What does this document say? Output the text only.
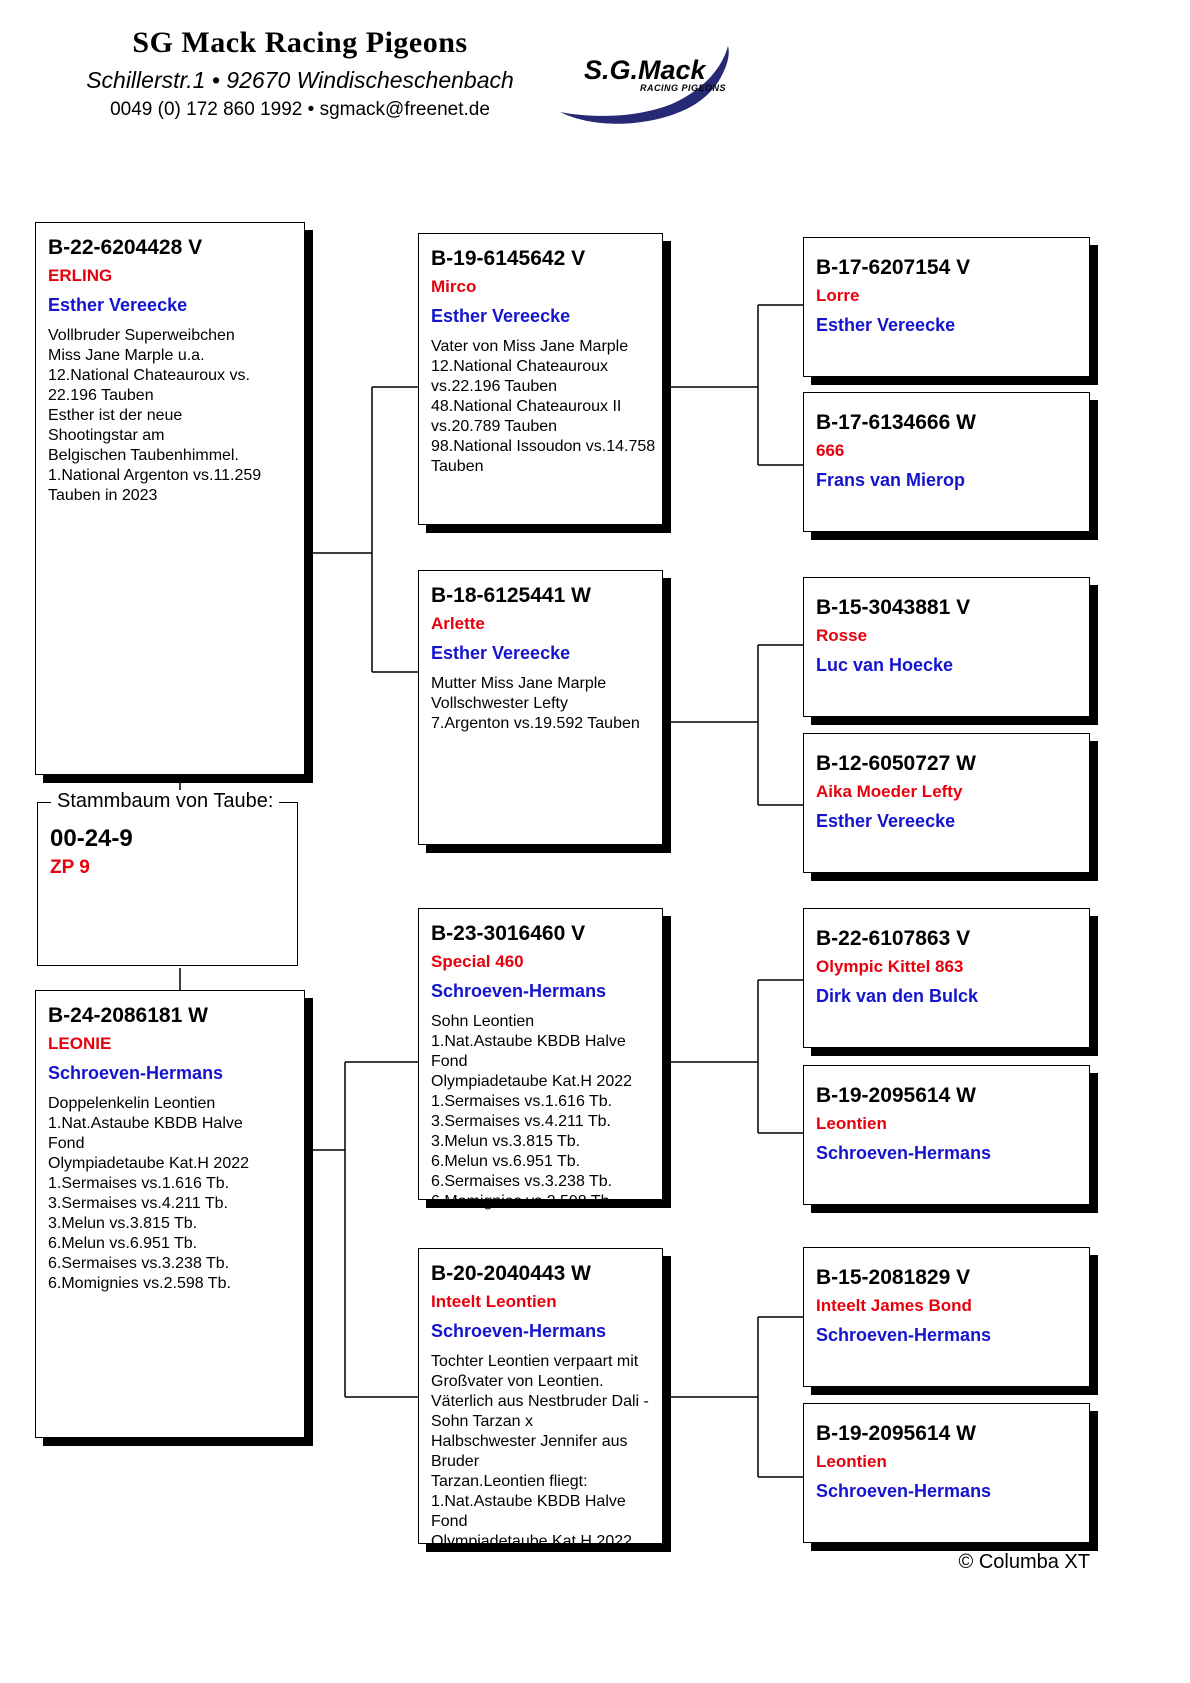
SG Mack Racing Pigeons
Schillerstr.1 • 92670 Windischeschenbach
0049 (0) 172 860 1992 • sgmack@freenet.de
S.G.Mack
RACING PIGEONS
Stammbaum von Taube:
00-24-9
ZP 9
B-22-6204428 V
ERLING
Esther Vereecke
Vollbruder Superweibchen
Miss Jane Marple u.a.
12.National Chateauroux vs.
22.196 Tauben
Esther ist der neue
Shootingstar am
Belgischen Taubenhimmel.
1.National Argenton vs.11.259
Tauben in 2023
B-24-2086181 W
LEONIE
Schroeven-Hermans
Doppelenkelin Leontien
1.Nat.Astaube KBDB Halve
Fond
Olympiadetaube Kat.H 2022
1.Sermaises vs.1.616 Tb.
3.Sermaises vs.4.211 Tb.
3.Melun vs.3.815 Tb.
6.Melun vs.6.951 Tb.
6.Sermaises vs.3.238 Tb.
6.Momignies vs.2.598 Tb.
B-19-6145642 V
Mirco
Esther Vereecke
Vater von Miss Jane Marple
12.National Chateauroux
vs.22.196 Tauben
48.National Chateauroux II
vs.20.789 Tauben
98.National Issoudon vs.14.758
Tauben
B-18-6125441 W
Arlette
Esther Vereecke
Mutter Miss Jane Marple
Vollschwester Lefty
7.Argenton vs.19.592 Tauben
B-23-3016460 V
Special 460
Schroeven-Hermans
Sohn Leontien
1.Nat.Astaube KBDB Halve
Fond
Olympiadetaube Kat.H 2022
1.Sermaises vs.1.616 Tb.
3.Sermaises vs.4.211 Tb.
3.Melun vs.3.815 Tb.
6.Melun vs.6.951 Tb.
6.Sermaises vs.3.238 Tb.
6.Momignies vs.2.598 Tb.
B-20-2040443 W
Inteelt Leontien
Schroeven-Hermans
Tochter Leontien verpaart mit
Großvater von Leontien.
Väterlich aus Nestbruder Dali -
Sohn Tarzan x
Halbschwester Jennifer aus
Bruder
Tarzan.Leontien fliegt:
1.Nat.Astaube KBDB Halve
Fond
Olympiadetaube Kat.H 2022
B-17-6207154 V
Lorre
Esther Vereecke
B-17-6134666 W
666
Frans van Mierop
B-15-3043881 V
Rosse
Luc van Hoecke
B-12-6050727 W
Aika Moeder Lefty
Esther Vereecke
B-22-6107863 V
Olympic Kittel 863
Dirk van den Bulck
B-19-2095614 W
Leontien
Schroeven-Hermans
B-15-2081829 V
Inteelt James Bond
Schroeven-Hermans
B-19-2095614 W
Leontien
Schroeven-Hermans
© Columba XT
